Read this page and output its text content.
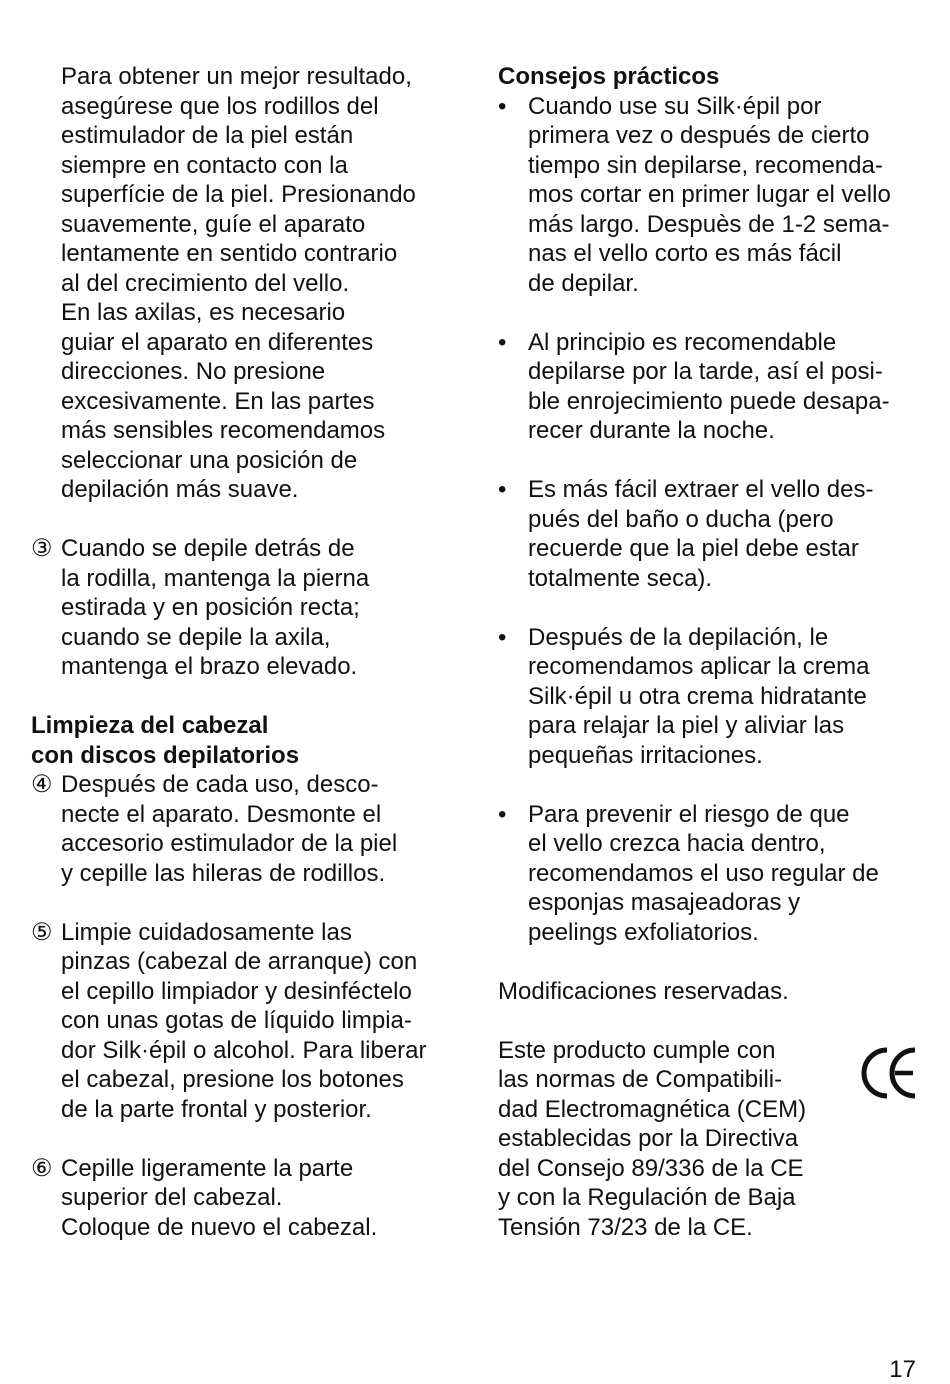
Para obtener un mejor resultado,
asegúrese que los rodillos del
estimulador de la piel están
siempre en contacto con la
superfície de la piel. Presionando
suavemente, guíe el aparato
lentamente en sentido contrario
al del crecimiento del vello.
En las axilas, es necesario
guiar el aparato en diferentes
direcciones. No presione
excesivamente. En las partes
más sensibles recomendamos
seleccionar una posición de
depilación más suave.
③ Cuando se depile detrás de
la rodilla, mantenga la pierna
estirada y en posición recta;
cuando se depile la axila,
mantenga el brazo elevado.
Limpieza del cabezal
con discos depilatorios
④ Después de cada uso, desco-
necte el aparato. Desmonte el
accesorio estimulador de la piel
y cepille las hileras de rodillos.
⑤ Limpie cuidadosamente las
pinzas (cabezal de arranque) con
el cepillo limpiador y desinféctelo
con unas gotas de líquido limpia-
dor Silk·épil o alcohol. Para liberar
el cabezal, presione los botones
de la parte frontal y posterior.
⑥ Cepille ligeramente la parte
superior del cabezal.
Coloque de nuevo el cabezal.
Consejos prácticos
• Cuando use su Silk·épil por
primera vez o después de cierto
tiempo sin depilarse, recomenda-
mos cortar en primer lugar el vello
más largo. Despuès de 1-2 sema-
nas el vello corto es más fácil
de depilar.
• Al principio es recomendable
depilarse por la tarde, así el posi-
ble enrojecimiento puede desapa-
recer durante la noche.
• Es más fácil extraer el vello des-
pués del baño o ducha (pero
recuerde que la piel debe estar
totalmente seca).
• Después de la depilación, le
recomendamos aplicar la crema
Silk·épil u otra crema hidratante
para relajar la piel y aliviar las
pequeñas irritaciones.
• Para prevenir el riesgo de que
el vello crezca hacia dentro,
recomendamos el uso regular de
esponjas masajeadoras y
peelings exfoliatorios.
Modificaciones reservadas.
Este producto cumple con
las normas de Compatibili-
dad Electromagnética (CEM)
establecidas por la Directiva
del Consejo 89/336 de la CE
y con la Regulación de Baja
Tensión 73/23 de la CE.
17
